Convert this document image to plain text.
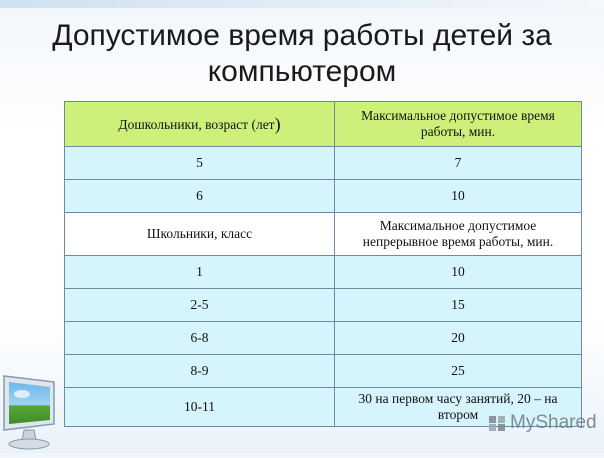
Допустимое время работы детей за
компьютером
Дошкольники, возраст (лет)	Максимальное допустимое время работы, мин.
5	7
6	10
Школьники, класс	Максимальное допустимое непрерывное время работы, мин.
1	10
2-5	15
6-8	20
8-9	25
10-11	30 на первом часу занятий, 20 – на втором MyShared
